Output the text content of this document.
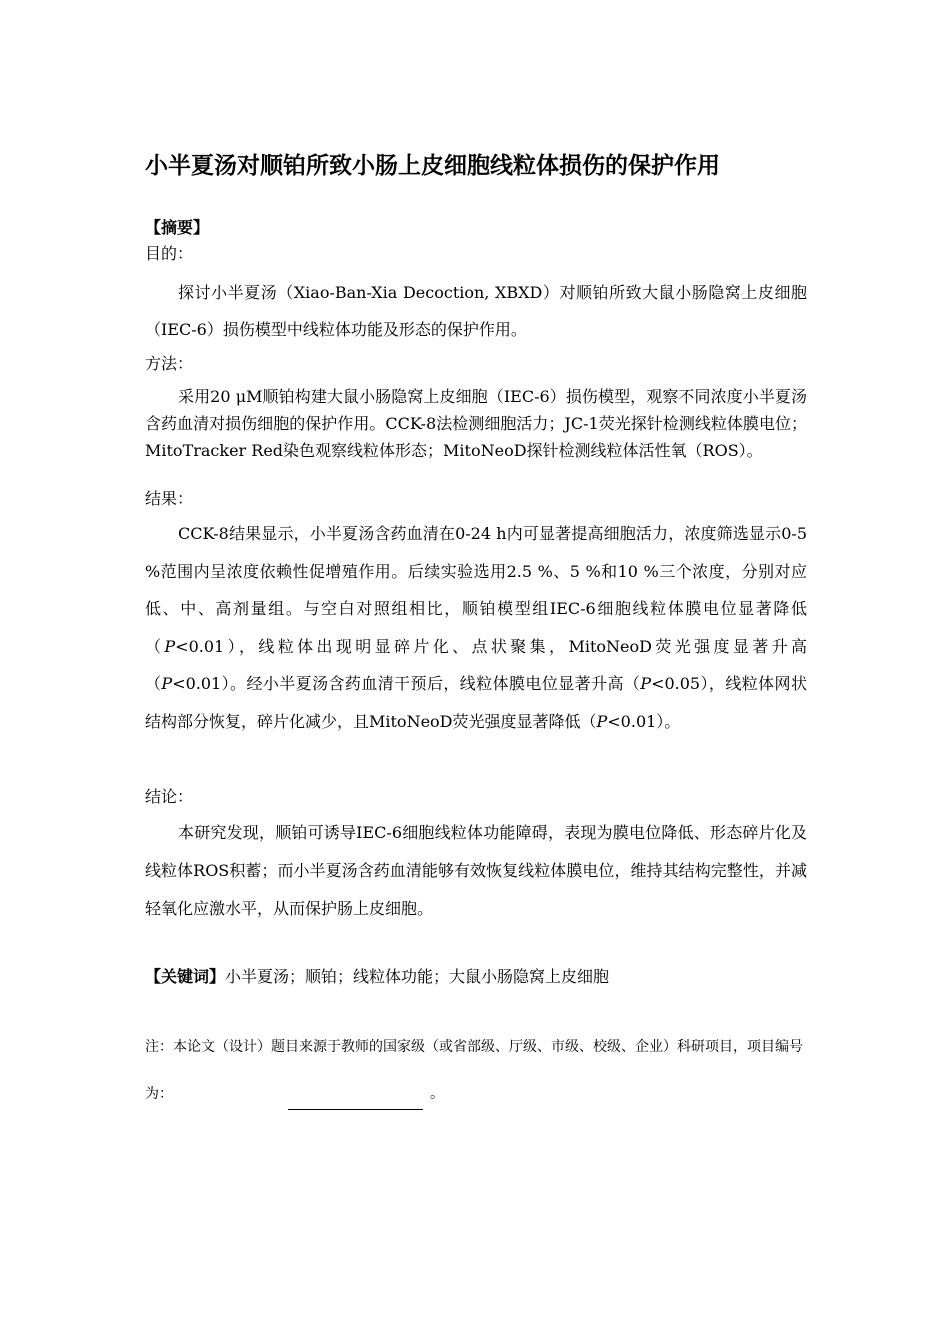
小半夏汤对顺铂所致小肠上皮细胞线粒体损伤的保护作用
【摘要】
目的：

探讨小半夏汤（Xiao-Ban-Xia Decoction, XBXD）对顺铂所致大鼠小肠隐窝上皮细胞（IEC-6）损伤模型中线粒体功能及形态的保护作用。

方法：

采用20 μM顺铂构建大鼠小肠隐窝上皮细胞（IEC-6）损伤模型，观察不同浓度小半夏汤含药血清对损伤细胞的保护作用。CCK-8法检测细胞活力；JC-1荧光探针检测线粒体膜电位；MitoTracker Red染色观察线粒体形态；MitoNeoD探针检测线粒体活性氧（ROS）。

结果：

CCK-8结果显示，小半夏汤含药血清在0-24 h内可显著提高细胞活力，浓度筛选显示0-5 %范围内呈浓度依赖性促增殖作用。后续实验选用2.5 %、5 %和10 %三个浓度，分别对应低、中、高剂量组。与空白对照组相比，顺铂模型组IEC-6细胞线粒体膜电位显著降低（P<0.01），线粒体出现明显碎片化、点状聚集，MitoNeoD荧光强度显著升高（P<0.01）。经小半夏汤含药血清干预后，线粒体膜电位显著升高（P<0.05），线粒体网状结构部分恢复，碎片化减少，且MitoNeoD荧光强度显著降低（P<0.01）。

结论：

本研究发现，顺铂可诱导IEC-6细胞线粒体功能障碍，表现为膜电位降低、形态碎片化及线粒体ROS积蓄；而小半夏汤含药血清能够有效恢复线粒体膜电位，维持其结构完整性，并减轻氧化应激水平，从而保护肠上皮细胞。

【关键词】小半夏汤；顺铂；线粒体功能；大鼠小肠隐窝上皮细胞

注：本论文（设计）题目来源于教师的国家级（或省部级、厅级、市级、校级、企业）科研项目，项目编号

为：	。
